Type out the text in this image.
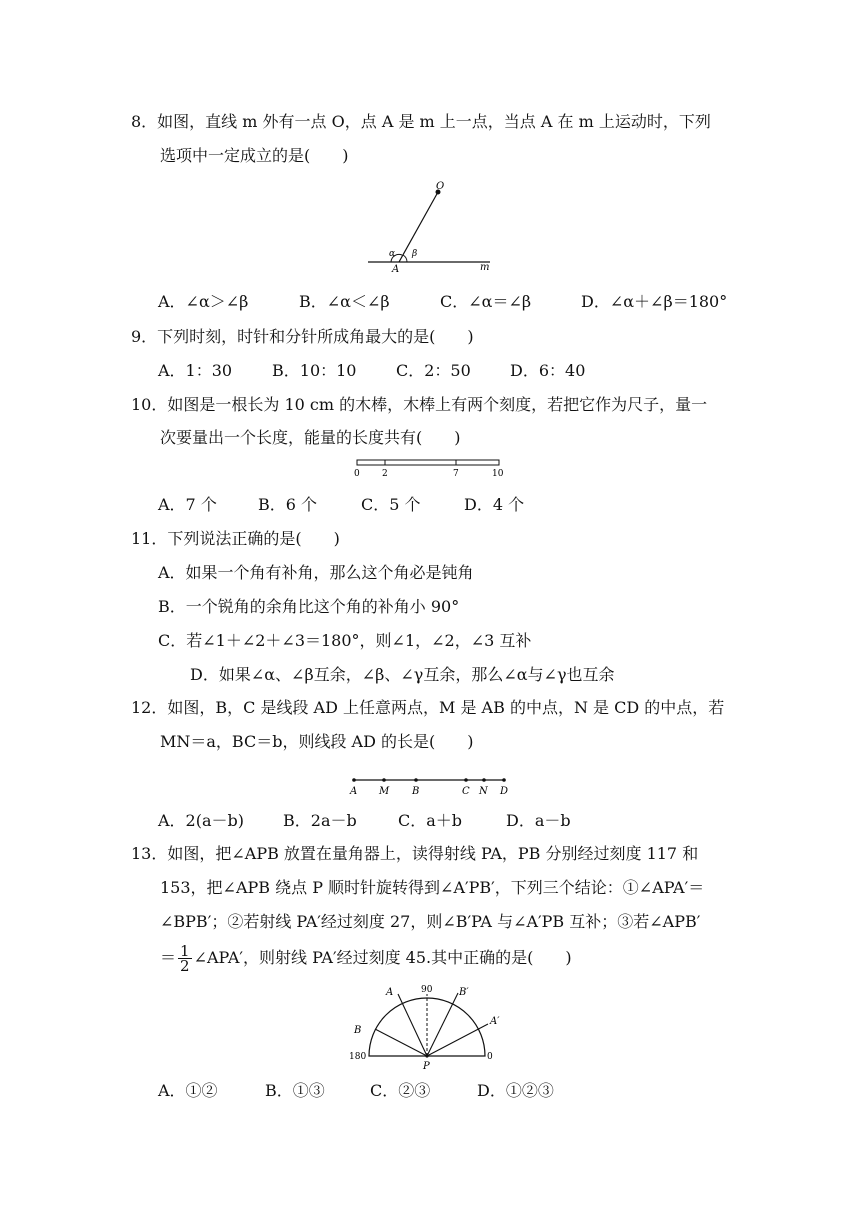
8．如图，直线 m 外有一点 O，点 A 是 m 上一点，当点 A 在 m 上运动时，下列
选项中一定成立的是(　　)
O
α β
A	m
A．∠α＞∠β	B．∠α＜∠β	C．∠α＝∠β	D．∠α＋∠β＝180°
9．下列时刻，时针和分针所成角最大的是(　　)
A．1：30 B．10：10 C．2：50 D．6：40
10．如图是一根长为 10 cm 的木棒，木棒上有两个刻度，若把它作为尺子，量一
次要量出一个长度，能量的长度共有(　　)
0 2	7	10
A．7 个	B．6 个	C．5 个	D．4 个
11．下列说法正确的是(　　)
A．如果一个角有补角，那么这个角必是钝角
B．一个锐角的余角比这个角的补角小 90°
C．若∠1＋∠2＋∠3＝180°，则∠1，∠2，∠3 互补
D．如果∠α、∠β互余，∠β、∠γ互余，那么∠α与∠γ也互余
12．如图，B，C 是线段 AD 上任意两点，M 是 AB 的中点，N 是 CD 的中点，若
MN＝a，BC＝b，则线段 AD 的长是(　　)
A M B	C N D
A．2(a－b) B．2a－b	C．a＋b	D．a－b
13．如图，把∠APB 放置在量角器上，读得射线 PA，PB 分别经过刻度 117 和
153，把∠APB 绕点 P 顺时针旋转得到∠A′PB′，下列三个结论：①∠APA′＝
∠BPB′；②若射线 PA′经过刻度 27，则∠B′PA 与∠A′PB 互补；③若∠APB′
＝ $\frac{1}{2}$ ∠APA′，则射线 PA′经过刻度 45.其中正确的是(　　)
A	90	B′
A′
B
180	0
P
A．①②	B．①③	C．②③	D．①②③
